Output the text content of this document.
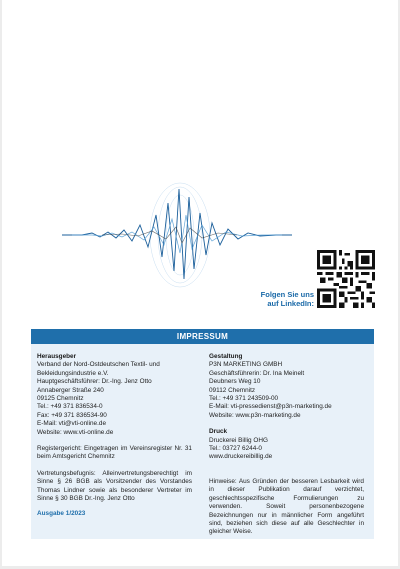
Folgen Sie uns
auf LinkedIn:
IMPRESSUM
Herausgeber
Verband der Nord-Ostdeutschen Textil- und
Bekleidungsindustrie e.V.
Hauptgeschäftsführer: Dr.-Ing. Jenz Otto
Annaberger Straße 240
09125 Chemnitz
Tel.: +49 371 836534-0
Fax: +49 371 836534-90
E-Mail: vti@vti-online.de
Website: www.vti-online.de
Registergericht: Eingetragen im Vereinsregister Nr. 31 beim Amtsgericht Chemnitz
Vertretungsbefugnis: Alleinvertretungsberechtigt im Sinne § 26 BGB als Vorsitzender des Vorstandes Thomas Lindner sowie als besonderer Vertreter im Sinne § 30 BGB Dr.-Ing. Jenz Otto
Ausgabe 1/2023
Gestaltung
P3N MARKETING GMBH
Geschäftsführerin: Dr. Ina Meinelt
Deubners Weg 10
09112 Chemnitz
Tel.: +49 371 243509-00
E-Mail: vti-pressedienst@p3n-marketing.de
Website: www.p3n-marketing.de
Druck
Druckerei Billig OHG
Tel.: 03727 6244-0
www.druckereibillig.de
Hinweise: Aus Gründen der besseren Lesbarkeit wird in dieser Publikation darauf verzichtet, geschlechtsspezifische Formulierungen zu verwenden. Soweit personenbezogene Bezeichnungen nur in männlicher Form angeführt sind, beziehen sich diese auf alle Geschlechter in gleicher Weise.
